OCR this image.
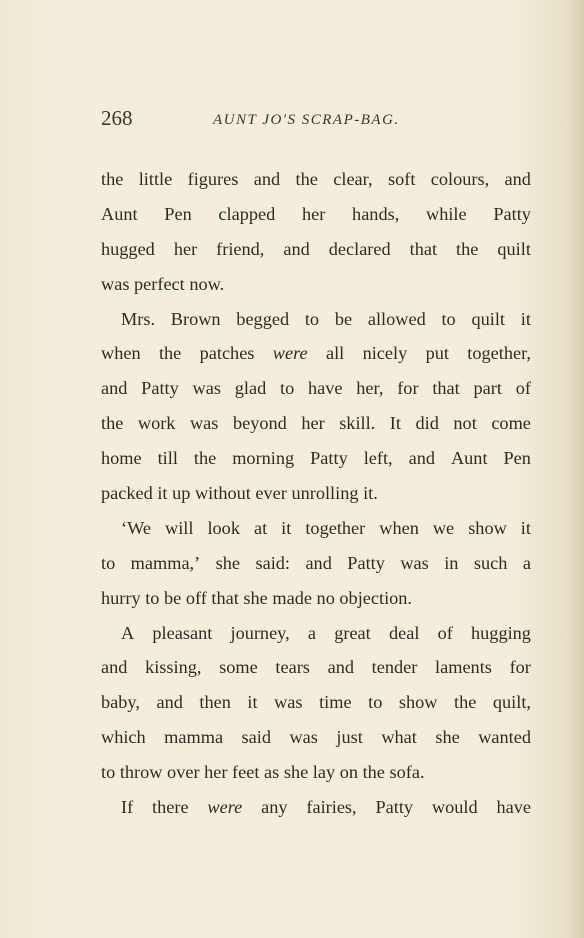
268	AUNT JO'S SCRAP-BAG.
the little figures and the clear, soft colours, and
Aunt Pen clapped her hands, while Patty
hugged her friend, and declared that the quilt
was
perfect
now.
Mrs. Brown begged to be allowed to quilt it
when the patches were all nicely put together,
and Patty was glad to have her, for that part of
the work was beyond her skill. It did not come
home till the morning Patty left, and Aunt Pen
packed
it
up
without
ever
unrolling
it.
‘We will look at it together when we show it
to mamma,’ she said: and Patty was in such a
hurry
to
be
off
that
she
made
no
objection.
A pleasant journey, a great deal of hugging
and kissing, some tears and tender laments for
baby, and then it was time to show the quilt,
which mamma said was just what she wanted
to
throw
over
her
feet
as
she
lay
on
the
sofa.
If there were any fairies, Patty would have
